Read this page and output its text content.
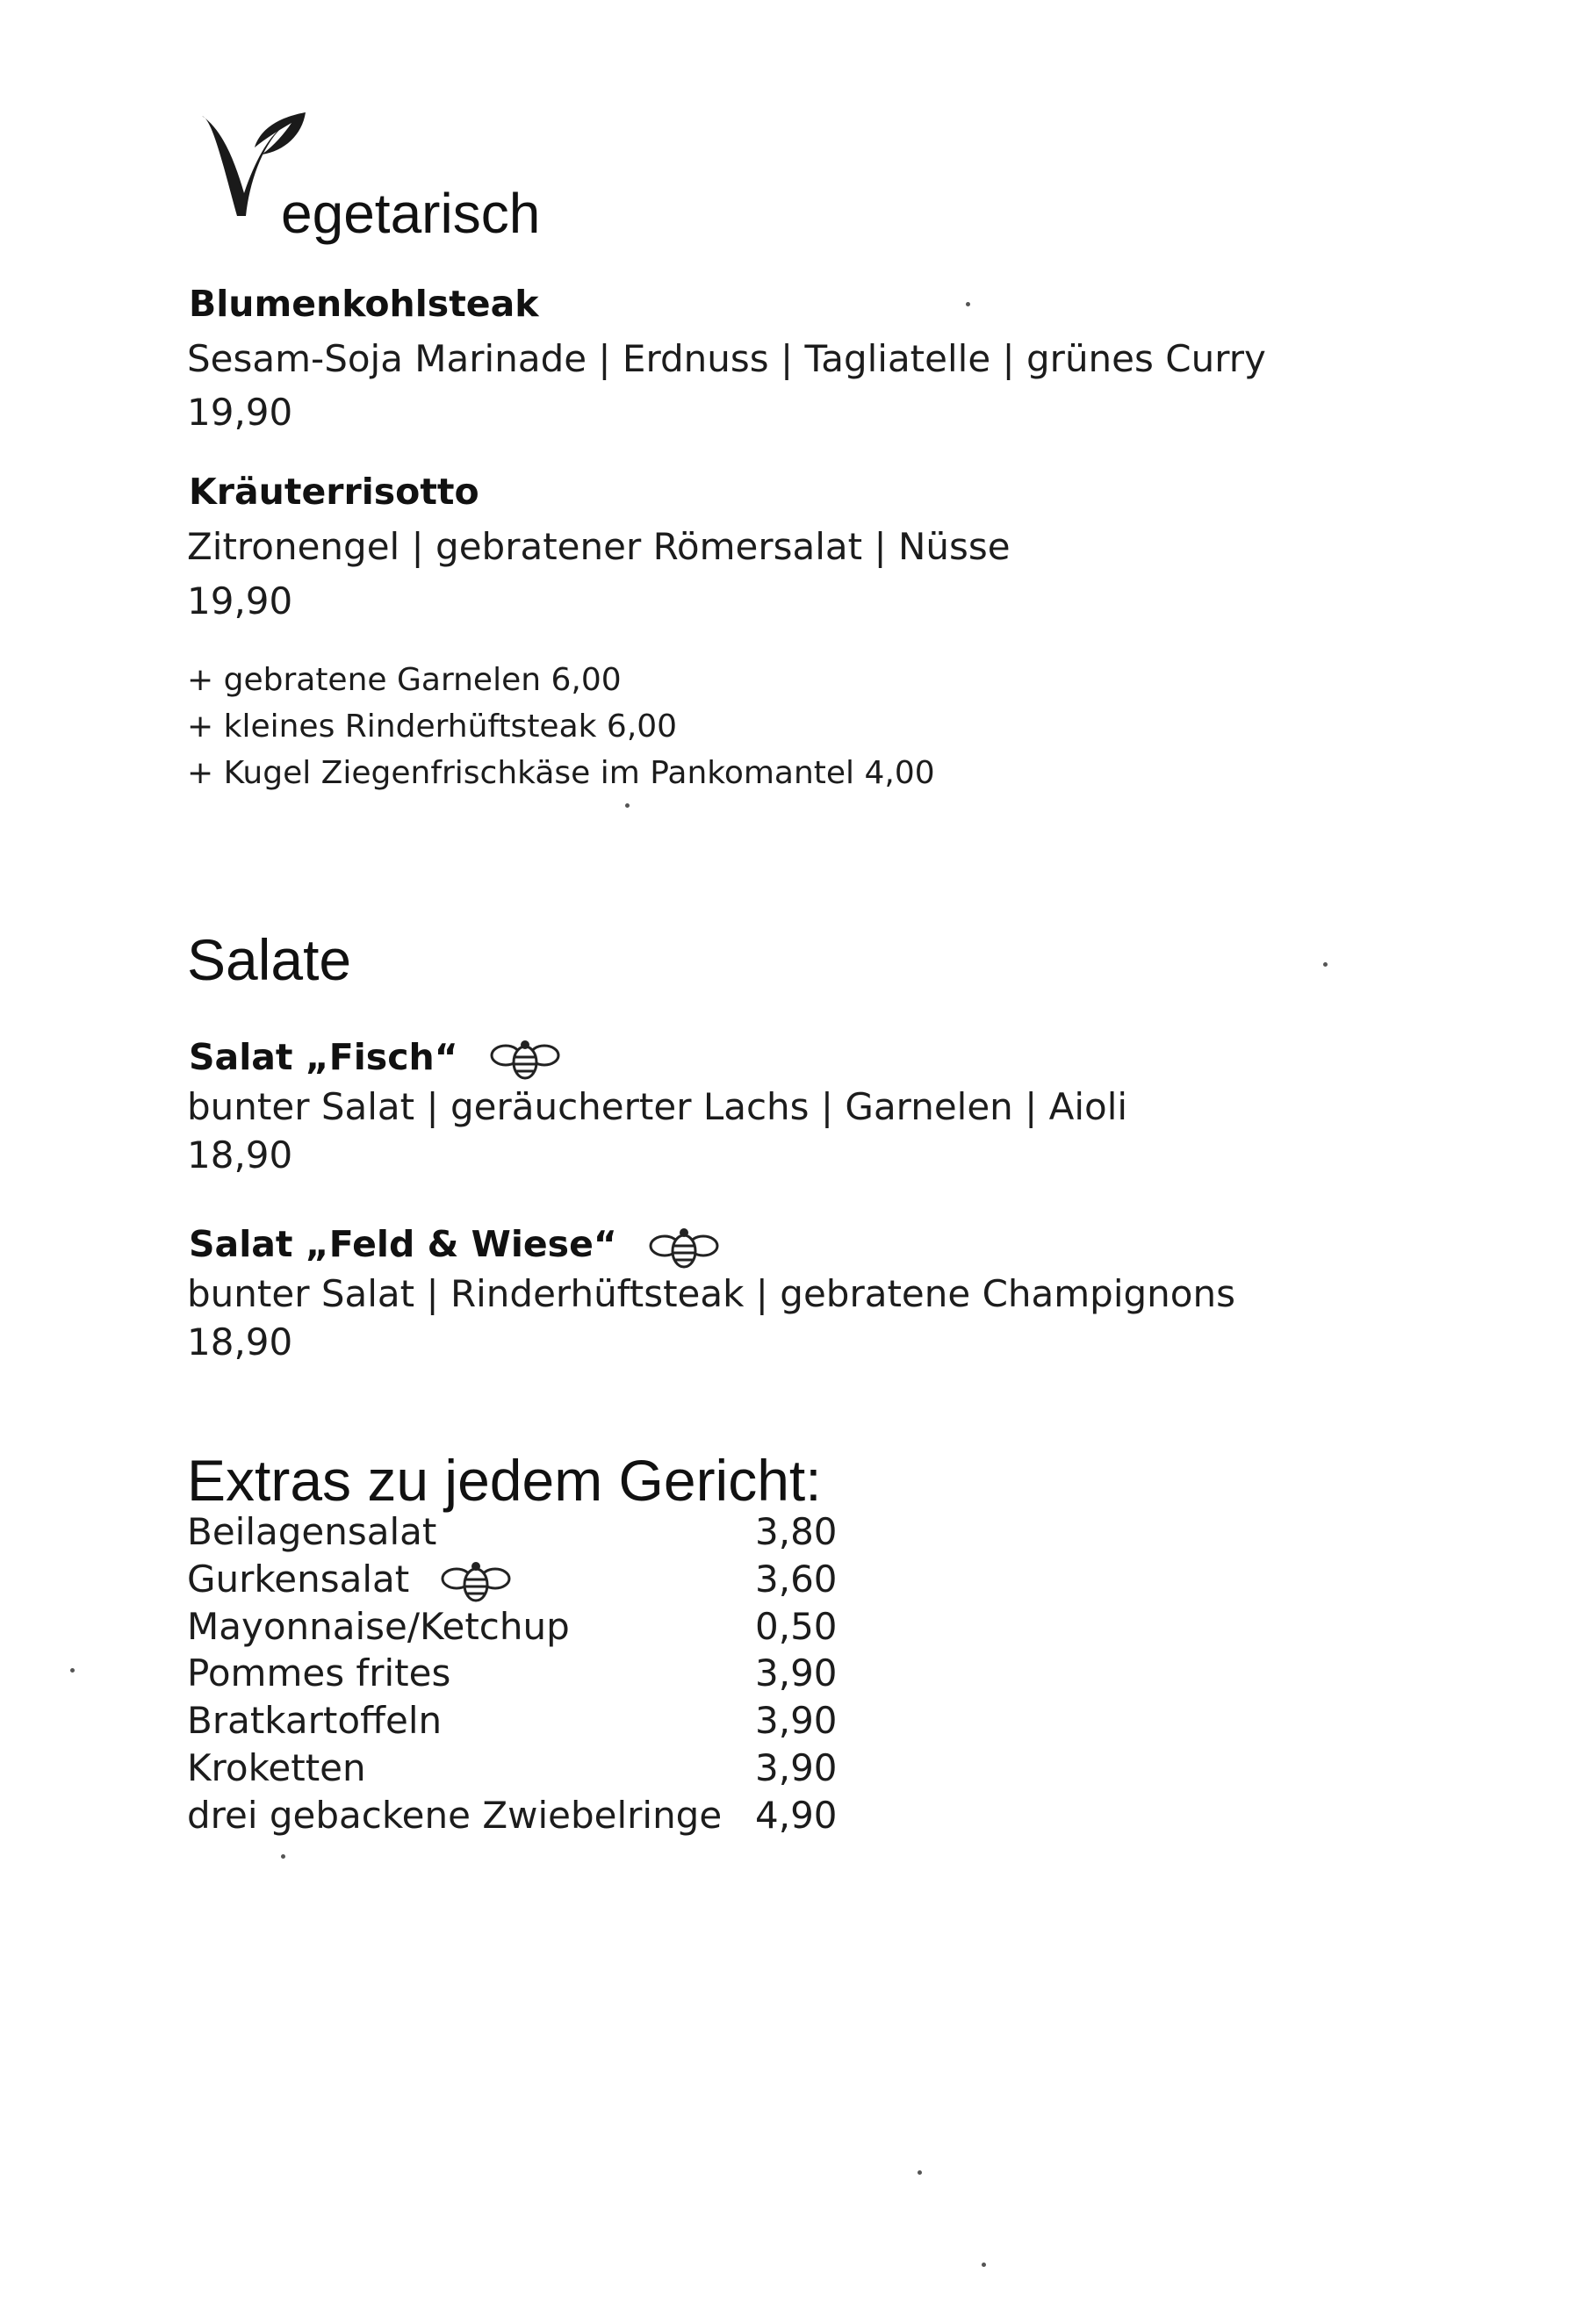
egetarisch
Blumenkohlsteak
Sesam-Soja Marinade | Erdnuss | Tagliatelle | grünes Curry
19,90
Kräuterrisotto
Zitronengel | gebratener Römersalat | Nüsse
19,90
+ gebratene Garnelen 6,00
+ kleines Rinderhüftsteak 6,00
+ Kugel Ziegenfrischkäse im Pankomantel 4,00
Salate
Salat „Fisch“
bunter Salat | geräucherter Lachs | Garnelen | Aioli
18,90
Salat „Feld & Wiese“
bunter Salat | Rinderhüftsteak | gebratene Champignons
18,90
Extras zu jedem Gericht:
Beilagensalat	3,80
Gurkensalat	3,60
Mayonnaise/Ketchup	0,50
Pommes frites	3,90
Bratkartoffeln	3,90
Kroketten	3,90
drei gebackene Zwiebelringe 4,90
